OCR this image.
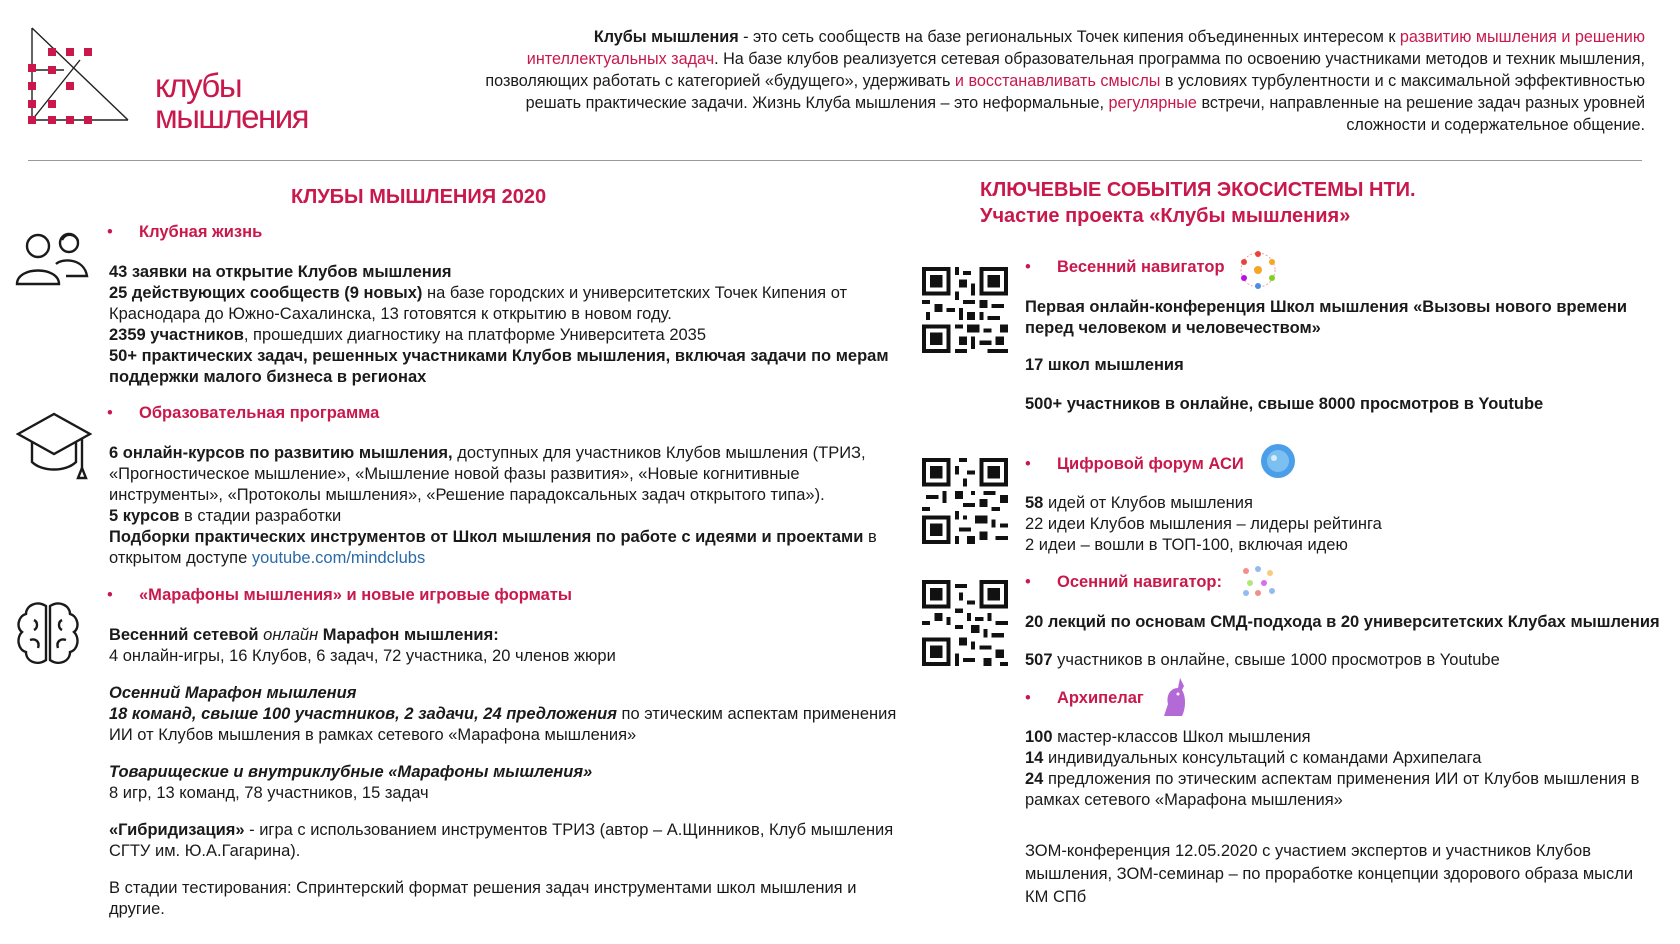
клубы
мышления
Клубы мышления - это сеть сообществ на базе региональных Точек кипения объединенных интересом к развитию мышления и решению интеллектуальных задач. На базе клубов реализуется сетевая образовательная программа по освоению участниками методов и техник мышления, позволяющих работать с категорией «будущего», удерживать и восстанавливать смыслы в условиях турбулентности и с максимальной эффективностью решать практические задачи. Жизнь Клуба мышления – это неформальные, регулярные встречи, направленные на решение задач разных уровней сложности и содержательное общение.
КЛУБЫ МЫШЛЕНИЯ 2020
• Клубная жизнь

43 заявки на открытие Клубов мышления

25 действующих сообществ (9 новых) на базе городских и университетских Точек Кипения от Краснодара до Южно-Сахалинска, 13 готовятся к открытию в новом году.

2359 участников, прошедших диагностику на платформе Университета 2035

50+ практических задач, решенных участниками Клубов мышления, включая задачи по мерам поддержки малого бизнеса в регионах

• Образовательная программа

6 онлайн-курсов по развитию мышления, доступных для участников Клубов мышления (ТРИЗ, «Прогностическое мышление», «Мышление новой фазы развития», «Новые когнитивные инструменты», «Протоколы мышления», «Решение парадоксальных задач открытого типа»).

5 курсов в стадии разработки

Подборки практических инструментов от Школ мышления по работе с идеями и проектами в открытом доступе youtube.com/mindclubs

• «Марафоны мышления» и новые игровые форматы

Весенний сетевой онлайн Марафон мышления:

4 онлайн-игры, 16 Клубов, 6 задач, 72 участника, 20 членов жюри

Осенний Марафон мышления

18 команд, свыше 100 участников, 2 задачи, 24 предложения по этическим аспектам применения ИИ от Клубов мышления в рамках сетевого «Марафона мышления»

Товарищеские и внутриклубные «Марафоны мышления»

8 игр, 13 команд, 78 участников, 15 задач

«Гибридизация» - игра с использованием инструментов ТРИЗ (автор – А.Щинников, Клуб мышления СГТУ им. Ю.А.Гагарина).

В стадии тестирования: Спринтерский формат решения задач инструментами школ мышления и другие.

КЛЮЧЕВЫЕ СОБЫТИЯ ЭКОСИСТЕМЫ НТИ.
Участие проекта «Клубы мышления»
• Весенний навигатор

Первая онлайн-конференция Школ мышления «Вызовы нового времени перед человеком и человечеством»

17 школ мышления

500+ участников в онлайне, свыше 8000 просмотров в Youtube

• Цифровой форум АСИ

58 идей от Клубов мышления

22 идеи Клубов мышления – лидеры рейтинга

2 идеи – вошли в ТОП-100, включая идею

• Осенний навигатор:

20 лекций по основам СМД-подхода в 20 университетских Клубах мышления

507 участников в онлайне, свыше 1000 просмотров в Youtube

• Архипелаг

100 мастер-классов Школ мышления

14 индивидуальных консультаций с командами Архипелага

24 предложения по этическим аспектам применения ИИ от Клубов мышления в рамках сетевого «Марафона мышления»

ЗОМ-конференция 12.05.2020 с участием экспертов и участников Клубов мышления, ЗОМ-семинар – по проработке концепции здорового образа мысли КМ СПб
